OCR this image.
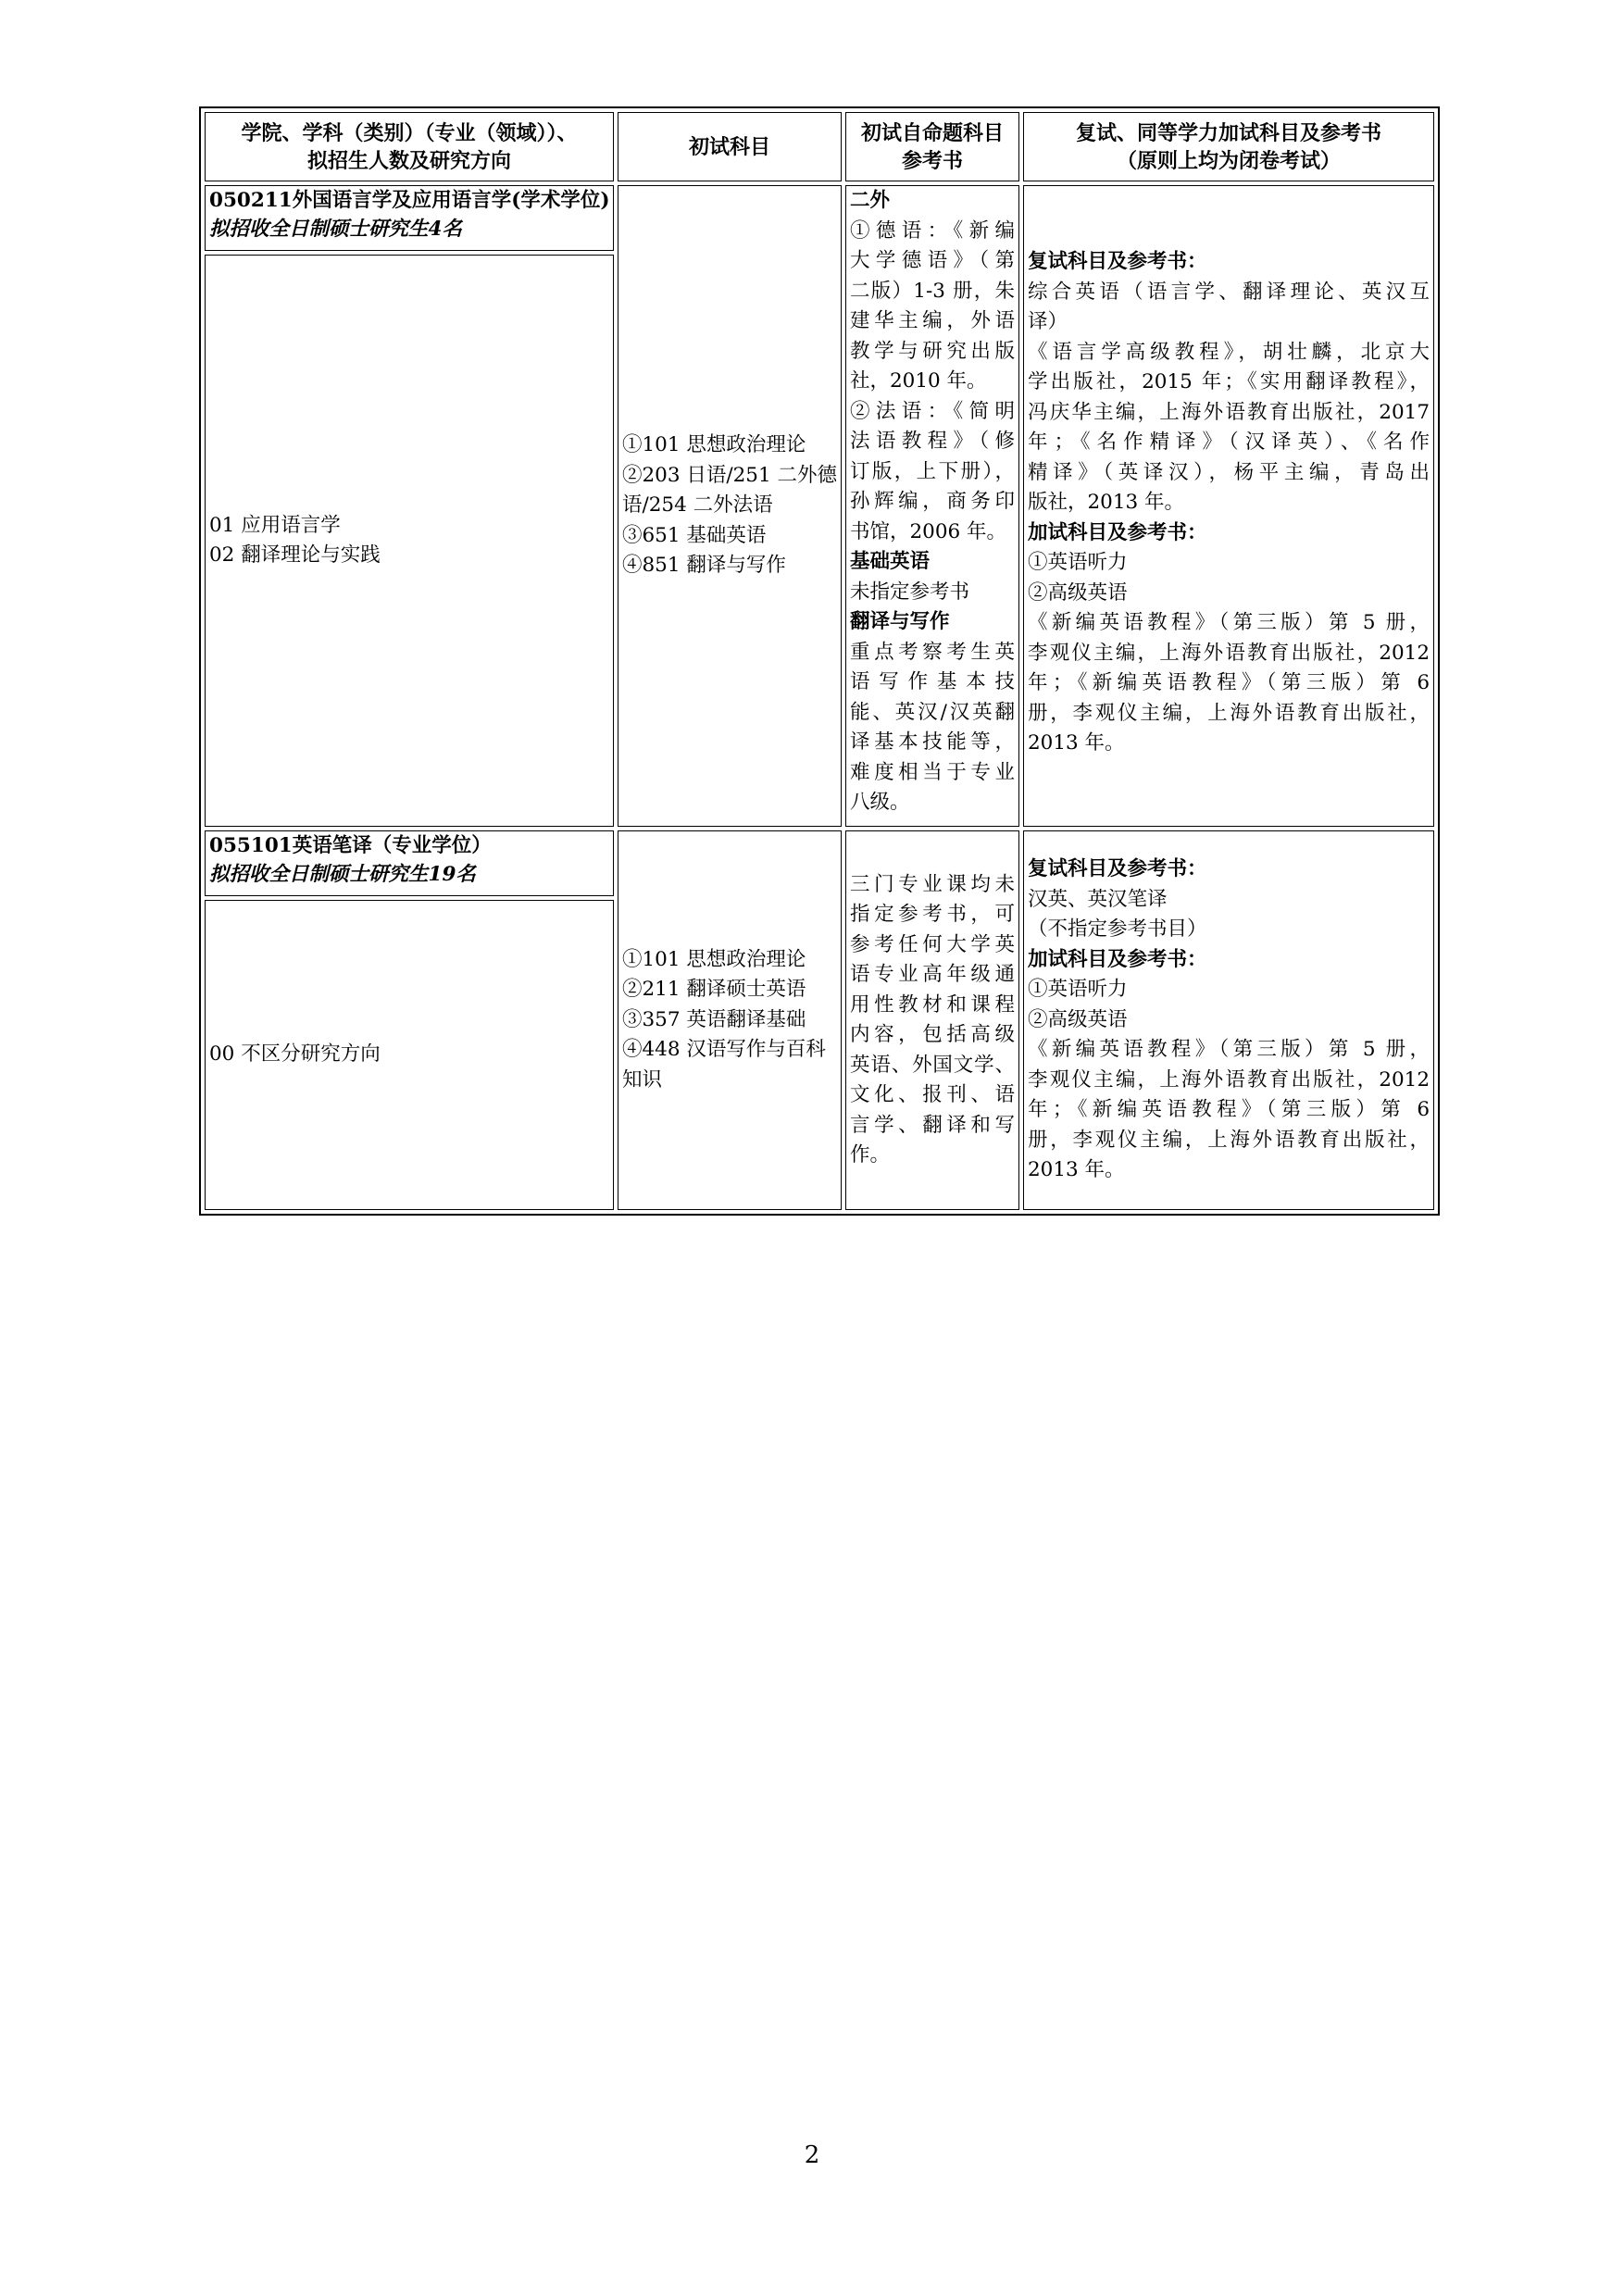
学院、学科（类别）（专业（领域））、
拟招生人数及研究方向
初试科目
初试自命题科目
参考书
复试、同等学力加试科目及参考书
（原则上均为闭卷考试）
050211外国语言学及应用语言学(学术学位)
拟招收全日制硕士研究生4名
01 应用语言学
02 翻译理论与实践
①101 思想政治理论
②203 日语/251 二外德
语/254 二外法语
③651 基础英语
④851 翻译与写作
二外
①德语：《新编
大学德语》（第
二版）1-3 册，朱
建华主编，外语
教学与研究出版
社，2010 年。
②法语：《简明
法语教程》（修
订版，上下册），
孙辉编，商务印
书馆，2006 年。
基础英语
未指定参考书
翻译与写作
重点考察考生英
语写作基本技
能、英汉/汉英翻
译基本技能等，
难度相当于专业
八级。
复试科目及参考书：
综合英语（语言学、翻译理论、英汉互
译）
《语言学高级教程》，胡壮麟，北京大
学出版社，2015 年；《实用翻译教程》，
冯庆华主编，上海外语教育出版社，2017
年；《名作精译》（汉译英）、《名作
精译》（英译汉），杨平主编，青岛出
版社，2013 年。
加试科目及参考书：
①英语听力
②高级英语
《新编英语教程》（第三版）第 5 册，
李观仪主编，上海外语教育出版社，2012
年；《新编英语教程》（第三版）第 6
册，李观仪主编，上海外语教育出版社，
2013 年。
055101英语笔译（专业学位）
拟招收全日制硕士研究生19名
00 不区分研究方向
①101 思想政治理论
②211 翻译硕士英语
③357 英语翻译基础
④448 汉语写作与百科
知识
三门专业课均未
指定参考书，可
参考任何大学英
语专业高年级通
用性教材和课程
内容，包括高级
英语、外国文学、
文化、报刊、语
言学、翻译和写
作。
复试科目及参考书：
汉英、英汉笔译
（不指定参考书目）
加试科目及参考书：
①英语听力
②高级英语
《新编英语教程》（第三版）第 5 册，
李观仪主编，上海外语教育出版社，2012
年；《新编英语教程》（第三版）第 6
册，李观仪主编，上海外语教育出版社，
2013 年。
2
